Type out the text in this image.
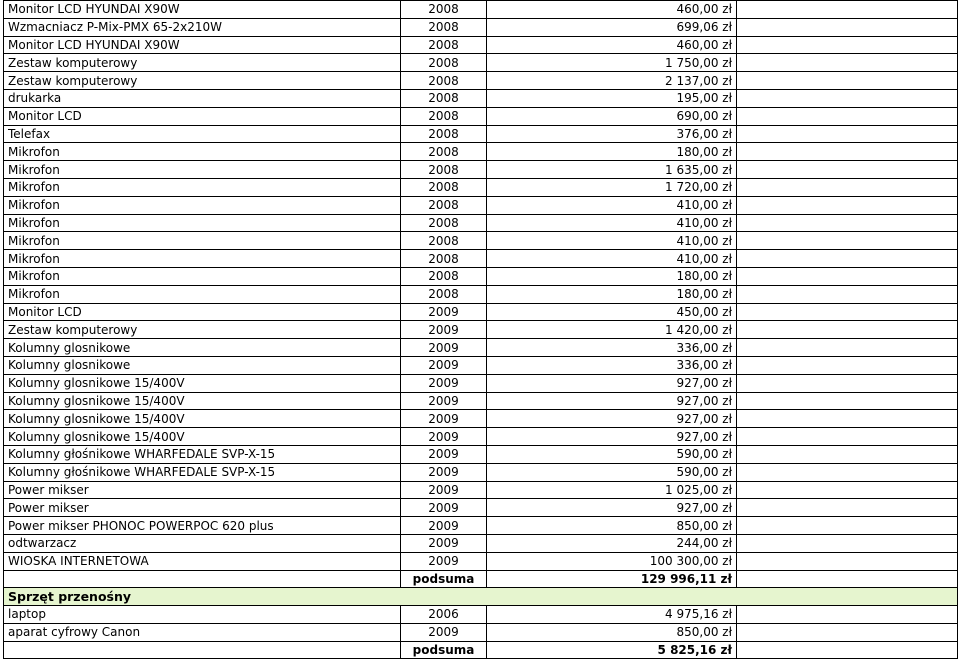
Monitor LCD HYUNDAI X90W	2008	460,00 zł	
Wzmacniacz P-Mix-PMX 65-2x210W	2008	699,06 zł	
Monitor LCD HYUNDAI X90W	2008	460,00 zł	
Zestaw komputerowy	2008	1 750,00 zł	
Zestaw komputerowy	2008	2 137,00 zł	
drukarka	2008	195,00 zł	
Monitor LCD	2008	690,00 zł	
Telefax	2008	376,00 zł	
Mikrofon	2008	180,00 zł	
Mikrofon	2008	1 635,00 zł	
Mikrofon	2008	1 720,00 zł	
Mikrofon	2008	410,00 zł	
Mikrofon	2008	410,00 zł	
Mikrofon	2008	410,00 zł	
Mikrofon	2008	410,00 zł	
Mikrofon	2008	180,00 zł	
Mikrofon	2008	180,00 zł	
Monitor LCD	2009	450,00 zł	
Zestaw komputerowy	2009	1 420,00 zł	
Kolumny glosnikowe	2009	336,00 zł	
Kolumny glosnikowe	2009	336,00 zł	
Kolumny glosnikowe 15/400V	2009	927,00 zł	
Kolumny glosnikowe 15/400V	2009	927,00 zł	
Kolumny glosnikowe 15/400V	2009	927,00 zł	
Kolumny glosnikowe 15/400V	2009	927,00 zł	
Kolumny głośnikowe WHARFEDALE SVP-X-15	2009	590,00 zł	
Kolumny głośnikowe WHARFEDALE SVP-X-15	2009	590,00 zł	
Power mikser	2009	1 025,00 zł	
Power mikser	2009	927,00 zł	
Power mikser PHONOC POWERPOC 620 plus	2009	850,00 zł	
odtwarzacz	2009	244,00 zł	
WIOSKA INTERNETOWA	2009	100 300,00 zł	
	podsuma	129 996,11 zł	
Sprzęt przenośny			
laptop	2006	4 975,16 zł	
aparat cyfrowy Canon	2009	850,00 zł	
	podsuma	5 825,16 zł	
